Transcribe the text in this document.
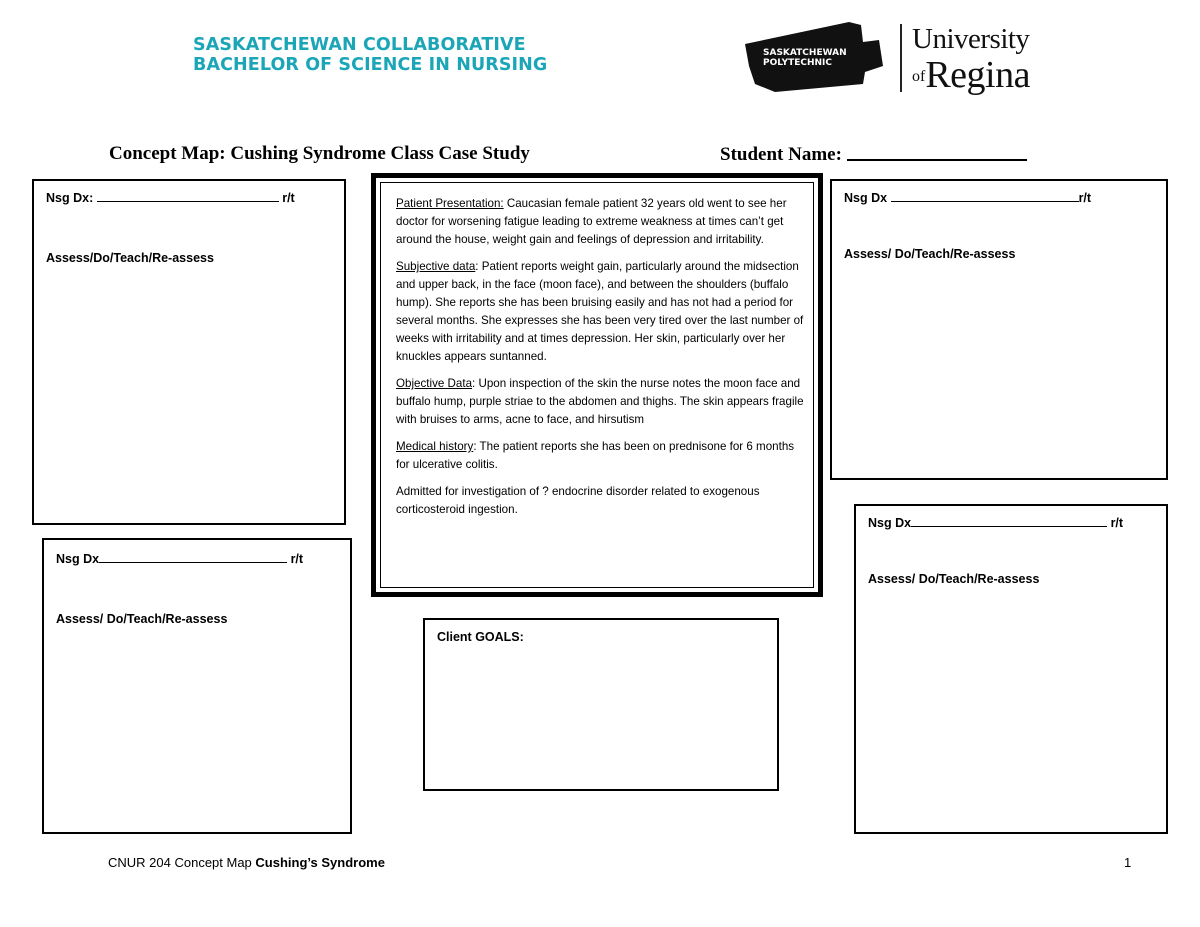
SASKATCHEWAN COLLABORATIVE
BACHELOR OF SCIENCE IN NURSING
SASKATCHEWAN
POLYTECHNIC
University
ofRegina
Concept Map: Cushing Syndrome Class Case Study	Student Name:
Nsg Dx:	r/t
Assess/Do/Teach/Re-assess
Nsg Dx	r/t
Assess/ Do/Teach/Re-assess
Nsg Dx	r/t
Assess/ Do/Teach/Re-assess
Nsg Dx	r/t
Assess/ Do/Teach/Re-assess
Client GOALS:

Patient Presentation: Caucasian female patient 32 years old went to see her doctor for worsening fatigue leading to extreme weakness at times can’t get around the house, weight gain and feelings of depression and irritability.

Subjective data: Patient reports weight gain, particularly around the midsection and upper back, in the face (moon face), and between the shoulders (buffalo hump). She reports she has been bruising easily and has not had a period for several months. She expresses she has been very tired over the last number of weeks with irritability and at times depression. Her skin, particularly over her knuckles appears suntanned.

Objective Data: Upon inspection of the skin the nurse notes the moon face and buffalo hump, purple striae to the abdomen and thighs. The skin appears fragile with bruises to arms, acne to face, and hirsutism

Medical history: The patient reports she has been on prednisone for 6 months for ulcerative colitis.

Admitted for investigation of ? endocrine disorder related to exogenous corticosteroid ingestion.

CNUR 204 Concept Map Cushing’s Syndrome	1
